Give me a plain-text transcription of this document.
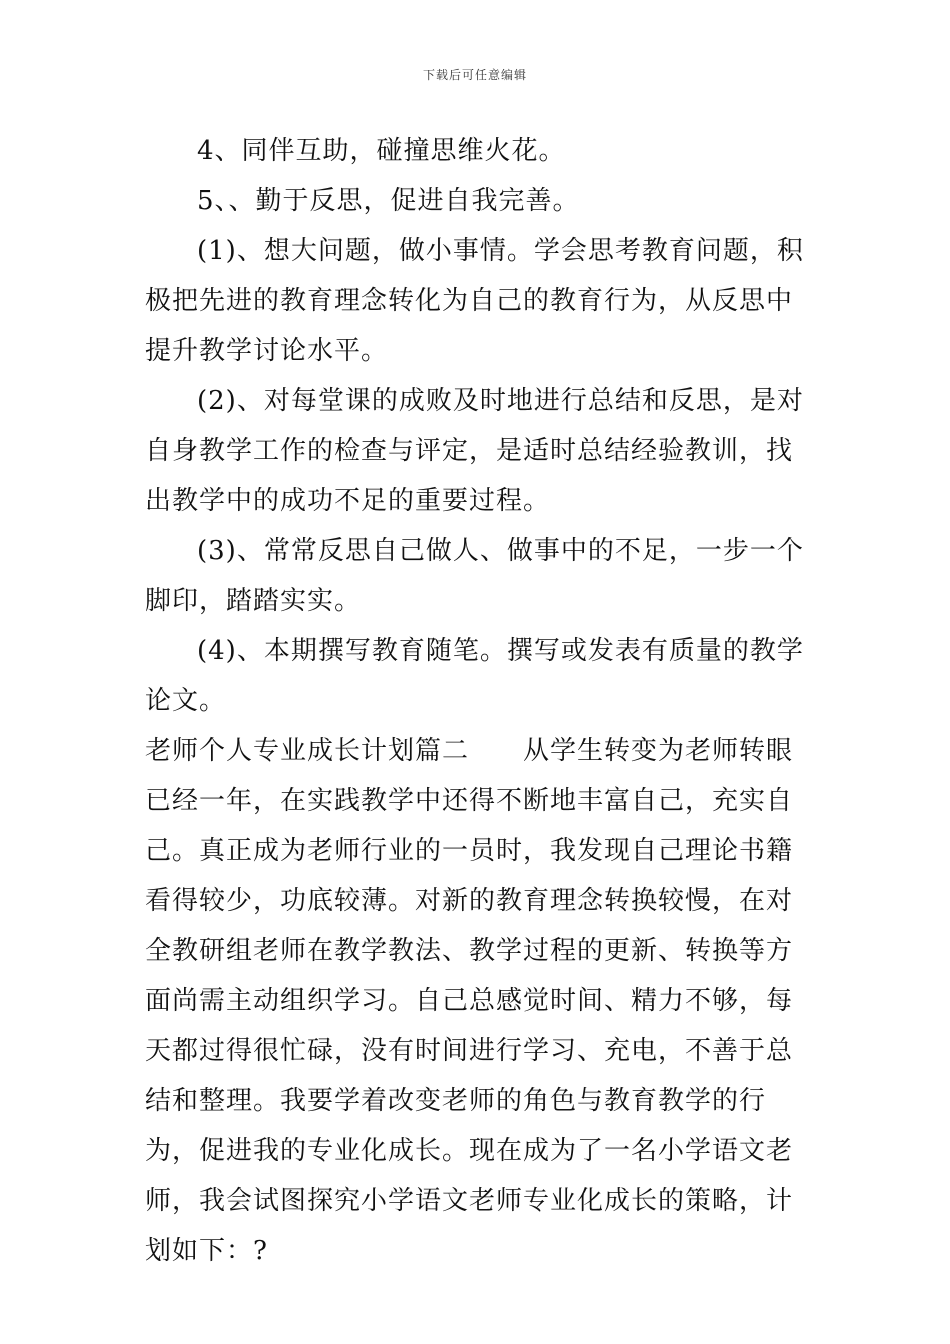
下载后可任意编辑

4、同伴互助，碰撞思维火花。

5、、勤于反思，促进自我完善。

(1)、想大问题，做小事情。学会思考教育问题，积极把先进的教育理念转化为自己的教育行为，从反思中提升教学讨论水平。

(2)、对每堂课的成败及时地进行总结和反思，是对自身教学工作的检查与评定，是适时总结经验教训，找出教学中的成功不足的重要过程。

(3)、常常反思自己做人、做事中的不足，一步一个脚印，踏踏实实。

(4)、本期撰写教育随笔。撰写或发表有质量的教学论文。

老师个人专业成长计划篇二　　 从学生转变为老师转眼已经一年，在实践教学中还得不断地丰富自己，充实自己。真正成为老师行业的一员时，我发现自己理论书籍看得较少，功底较薄。对新的教育理念转换较慢，在对全教研组老师在教学教法、教学过程的更新、转换等方面尚需主动组织学习。自己总感觉时间、精力不够，每天都过得很忙碌，没有时间进行学习、充电，不善于总结和整理。我要学着改变老师的角色与教育教学的行为，促进我的专业化成长。现在成为了一名小学语文老师，我会试图探究小学语文老师专业化成长的策略，计划如下：?
